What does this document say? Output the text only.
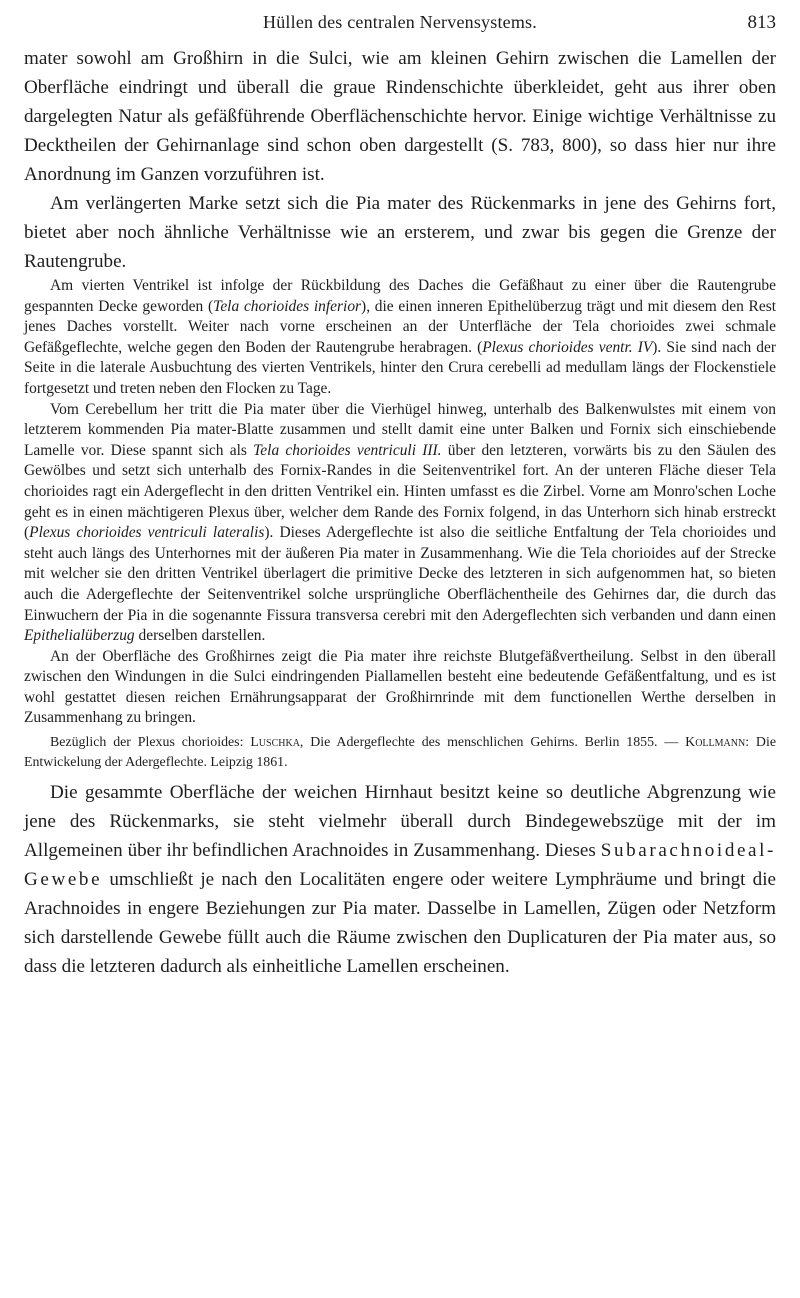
Hüllen des centralen Nervensystems.	813

mater sowohl am Großhirn in die Sulci, wie am kleinen Gehirn zwischen die Lamellen der Oberfläche eindringt und überall die graue Rindenschichte überkleidet, geht aus ihrer oben dargelegten Natur als gefäßführende Oberflächenschichte hervor. Einige wichtige Verhältnisse zu Decktheilen der Gehirnanlage sind schon oben dargestellt (S. 783, 800), so dass hier nur ihre Anordnung im Ganzen vorzuführen ist.

Am verlängerten Marke setzt sich die Pia mater des Rückenmarks in jene des Gehirns fort, bietet aber noch ähnliche Verhältnisse wie an ersterem, und zwar bis gegen die Grenze der Rautengrube.

Am vierten Ventrikel ist infolge der Rückbildung des Daches die Gefäßhaut zu einer über die Rautengrube gespannten Decke geworden (Tela chorioides inferior), die einen inneren Epithelüberzug trägt und mit diesem den Rest jenes Daches vorstellt. Weiter nach vorne erscheinen an der Unterfläche der Tela chorioides zwei schmale Gefäßgeflechte, welche gegen den Boden der Rautengrube herabragen. (Plexus chorioides ventr. IV). Sie sind nach der Seite in die laterale Ausbuchtung des vierten Ventrikels, hinter den Crura cerebelli ad medullam längs der Flockenstiele fortgesetzt und treten neben den Flocken zu Tage.

Vom Cerebellum her tritt die Pia mater über die Vierhügel hinweg, unterhalb des Balkenwulstes mit einem von letzterem kommenden Pia mater-Blatte zusammen und stellt damit eine unter Balken und Fornix sich einschiebende Lamelle vor. Diese spannt sich als Tela chorioides ventriculi III. über den letzteren, vorwärts bis zu den Säulen des Gewölbes und setzt sich unterhalb des Fornix-Randes in die Seitenventrikel fort. An der unteren Fläche dieser Tela chorioides ragt ein Adergeflecht in den dritten Ventrikel ein. Hinten umfasst es die Zirbel. Vorne am Monro'schen Loche geht es in einen mächtigeren Plexus über, welcher dem Rande des Fornix folgend, in das Unterhorn sich hinab erstreckt (Plexus chorioides ventriculi lateralis). Dieses Adergeflechte ist also die seitliche Entfaltung der Tela chorioides und steht auch längs des Unterhornes mit der äußeren Pia mater in Zusammenhang. Wie die Tela chorioides auf der Strecke mit welcher sie den dritten Ventrikel überlagert die primitive Decke des letzteren in sich aufgenommen hat, so bieten auch die Adergeflechte der Seitenventrikel solche ursprüngliche Oberflächentheile des Gehirnes dar, die durch das Einwuchern der Pia in die sogenannte Fissura transversa cerebri mit den Adergeflechten sich verbanden und dann einen Epithelialüberzug derselben darstellen.

An der Oberfläche des Großhirnes zeigt die Pia mater ihre reichste Blutgefäßvertheilung. Selbst in den überall zwischen den Windungen in die Sulci eindringenden Piallamellen besteht eine bedeutende Gefäßentfaltung, und es ist wohl gestattet diesen reichen Ernährungsapparat der Großhirnrinde mit dem functionellen Werthe derselben in Zusammenhang zu bringen.

Bezüglich der Plexus chorioides: Luschka, Die Adergeflechte des menschlichen Gehirns. Berlin 1855. — Kollmann: Die Entwickelung der Adergeflechte. Leipzig 1861.

Die gesammte Oberfläche der weichen Hirnhaut besitzt keine so deutliche Abgrenzung wie jene des Rückenmarks, sie steht vielmehr überall durch Bindegewebszüge mit der im Allgemeinen über ihr befindlichen Arachnoides in Zusammenhang. Dieses Subarachnoideal-Gewebe umschließt je nach den Localitäten engere oder weitere Lymphräume und bringt die Arachnoides in engere Beziehungen zur Pia mater. Dasselbe in Lamellen, Zügen oder Netzform sich darstellende Gewebe füllt auch die Räume zwischen den Duplicaturen der Pia mater aus, so dass die letzteren dadurch als einheitliche Lamellen erscheinen.
